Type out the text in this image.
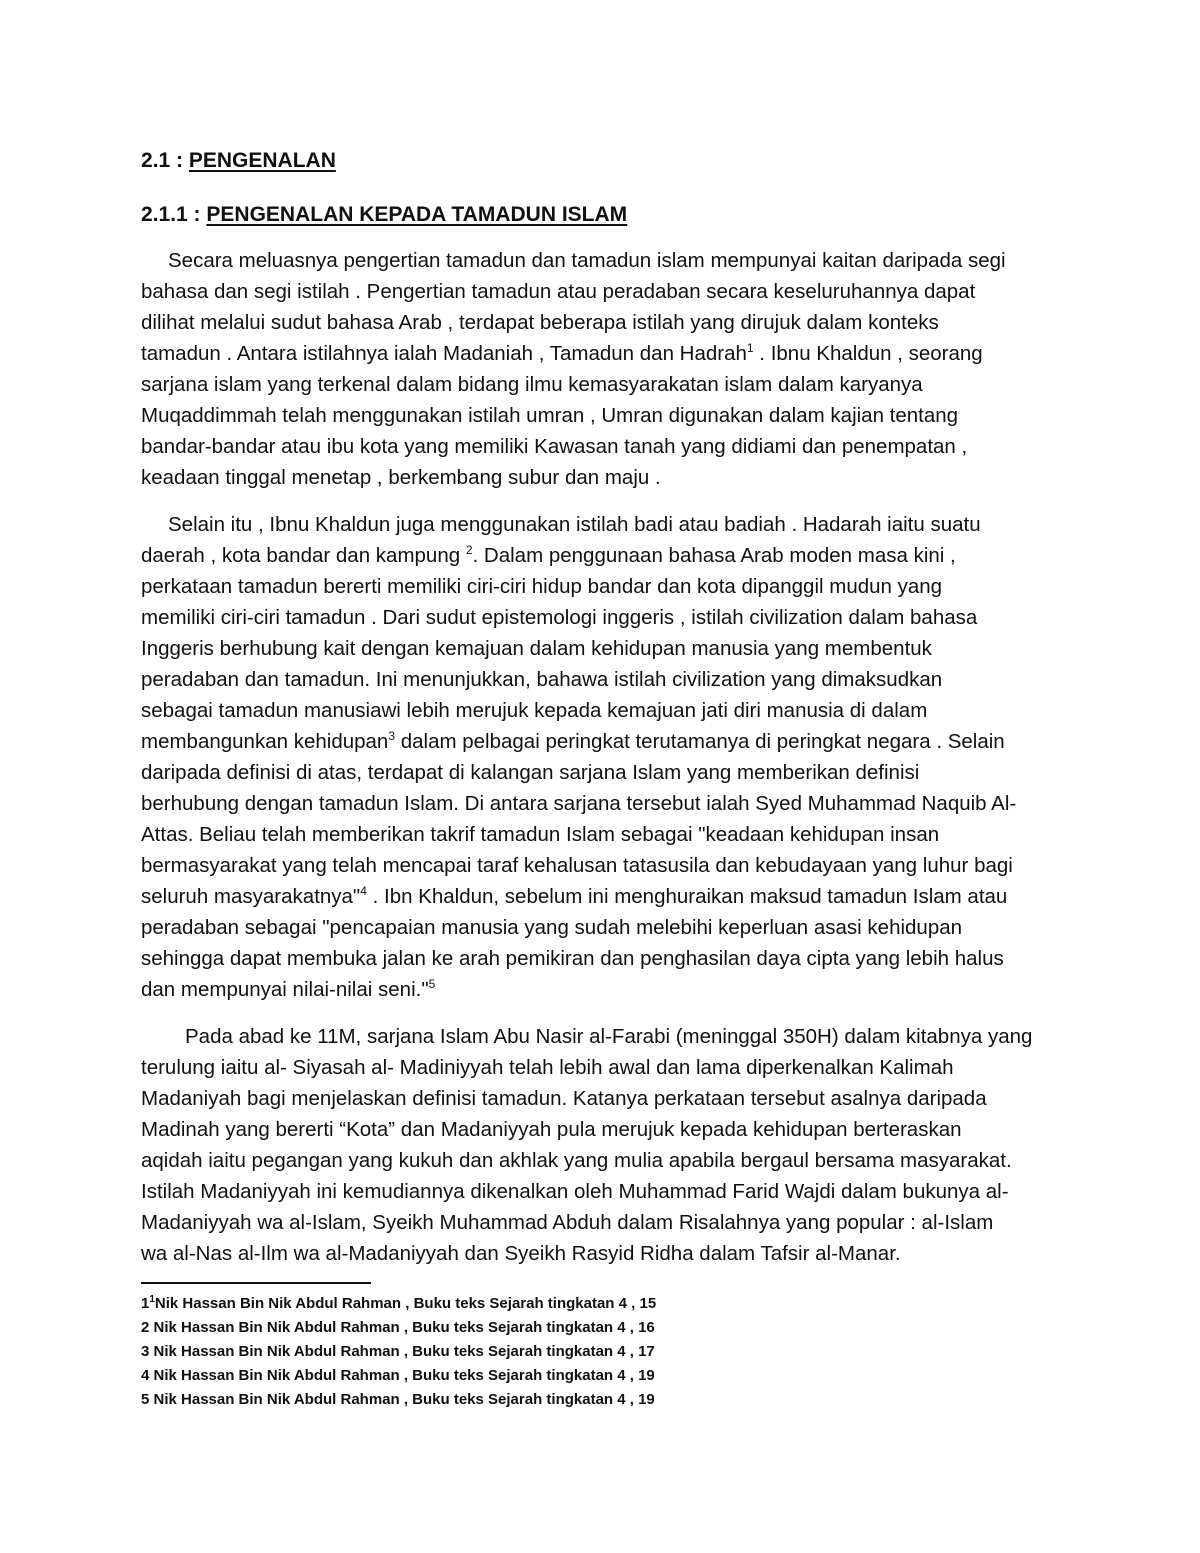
2.1 : PENGENALAN
2.1.1 : PENGENALAN KEPADA TAMADUN ISLAM
Secara meluasnya pengertian tamadun dan tamadun islam mempunyai kaitan daripada segi
bahasa dan segi istilah . Pengertian tamadun atau peradaban secara keseluruhannya dapat
dilihat melalui sudut bahasa Arab , terdapat beberapa istilah yang dirujuk dalam konteks
tamadun . Antara istilahnya ialah Madaniah , Tamadun dan Hadrah$^1$ . Ibnu Khaldun , seorang
sarjana islam yang terkenal dalam bidang ilmu kemasyarakatan islam dalam karyanya
Muqaddimmah telah menggunakan istilah umran , Umran digunakan dalam kajian tentang
bandar-bandar atau ibu kota yang memiliki Kawasan tanah yang didiami dan penempatan ,
keadaan tinggal menetap , berkembang subur dan maju .
Selain itu , Ibnu Khaldun juga menggunakan istilah badi atau badiah . Hadarah iaitu suatu
daerah , kota bandar dan kampung $^2$. Dalam penggunaan bahasa Arab moden masa kini ,
perkataan tamadun bererti memiliki ciri-ciri hidup bandar dan kota dipanggil mudun yang
memiliki ciri-ciri tamadun . Dari sudut epistemologi inggeris , istilah civilization dalam bahasa
Inggeris berhubung kait dengan kemajuan dalam kehidupan manusia yang membentuk
peradaban dan tamadun. Ini menunjukkan, bahawa istilah civilization yang dimaksudkan
sebagai tamadun manusiawi lebih merujuk kepada kemajuan jati diri manusia di dalam
membangunkan kehidupan$^3$ dalam pelbagai peringkat terutamanya di peringkat negara . Selain
daripada definisi di atas, terdapat di kalangan sarjana Islam yang memberikan definisi
berhubung dengan tamadun Islam. Di antara sarjana tersebut ialah Syed Muhammad Naquib Al-
Attas. Beliau telah memberikan takrif tamadun Islam sebagai "keadaan kehidupan insan
bermasyarakat yang telah mencapai taraf kehalusan tatasusila dan kebudayaan yang luhur bagi
seluruh masyarakatnya"$^4$ . Ibn Khaldun, sebelum ini menghuraikan maksud tamadun Islam atau
peradaban sebagai "pencapaian manusia yang sudah melebihi keperluan asasi kehidupan
sehingga dapat membuka jalan ke arah pemikiran dan penghasilan daya cipta yang lebih halus
dan mempunyai nilai-nilai seni."$^5$
Pada abad ke 11M, sarjana Islam Abu Nasir al-Farabi (meninggal 350H) dalam kitabnya yang
terulung iaitu al- Siyasah al- Madiniyyah telah lebih awal dan lama diperkenalkan Kalimah
Madaniyah bagi menjelaskan definisi tamadun. Katanya perkataan tersebut asalnya daripada
Madinah yang bererti “Kota” dan Madaniyyah pula merujuk kepada kehidupan berteraskan
aqidah iaitu pegangan yang kukuh dan akhlak yang mulia apabila bergaul bersama masyarakat.
Istilah Madaniyyah ini kemudiannya dikenalkan oleh Muhammad Farid Wajdi dalam bukunya al-
Madaniyyah wa al-Islam, Syeikh Muhammad Abduh dalam Risalahnya yang popular : al-Islam
wa al-Nas al-Ilm wa al-Madaniyyah dan Syeikh Rasyid Ridha dalam Tafsir al-Manar.
$1^1Nik$ Hassan Bin Nik Abdul Rahman , Buku teks Sejarah tingkatan 4 , 15
2 Nik Hassan Bin Nik Abdul Rahman , Buku teks Sejarah tingkatan 4 , 16
3 Nik Hassan Bin Nik Abdul Rahman , Buku teks Sejarah tingkatan 4 , 17
4 Nik Hassan Bin Nik Abdul Rahman , Buku teks Sejarah tingkatan 4 , 19
5 Nik Hassan Bin Nik Abdul Rahman , Buku teks Sejarah tingkatan 4 , 19
